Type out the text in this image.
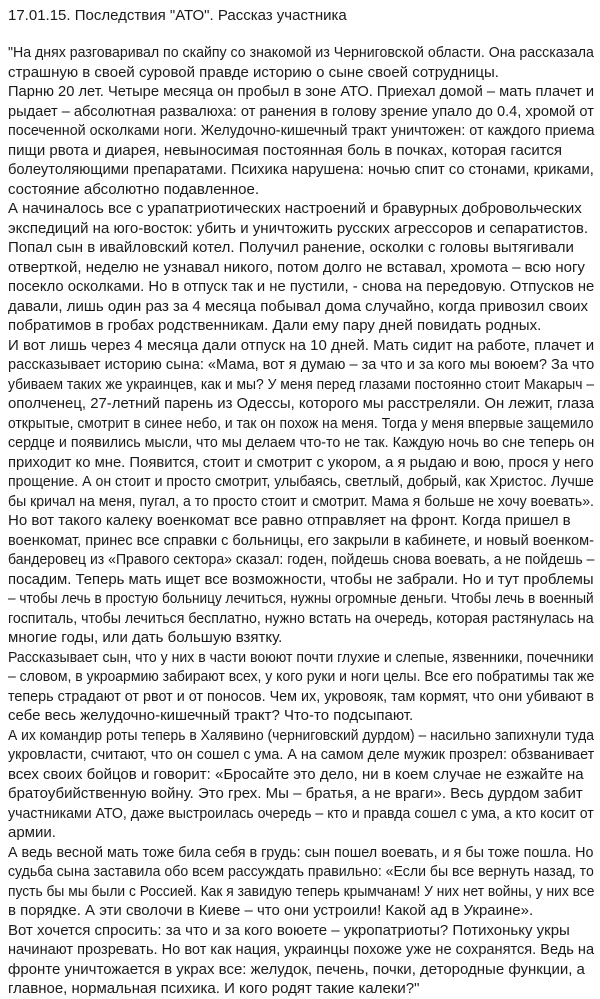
17.01.15. Последствия "АТО". Рассказ участника
"На днях разговаривал по скайпу со знакомой из Черниговской области. Она рассказала
страшную в своей суровой правде историю о сыне своей сотрудницы.
Парню 20 лет. Четыре месяца он пробыл в зоне АТО. Приехал домой – мать плачет и
рыдает – абсолютная развалюха: от ранения в голову зрение упало до 0.4, хромой от
посеченной осколками ноги. Желудочно-кишечный тракт уничтожен: от каждого приема
пищи рвота и диарея, невыносимая постоянная боль в почках, которая гасится
болеутоляющими препаратами. Психика нарушена: ночью спит со стонами, криками,
состояние абсолютно подавленное.
А начиналось все с урапатриотических настроений и бравурных добровольческих
экспедиций на юго-восток: убить и уничтожить русских агрессоров и сепаратистов.
Попал сын в ивайловский котел. Получил ранение, осколки с головы вытягивали
отверткой, неделю не узнавал никого, потом долго не вставал, хромота – всю ногу
посекло осколками. Но в отпуск так и не пустили, - снова на передовую. Отпусков не
давали, лишь один раз за 4 месяца побывал дома случайно, когда привозил своих
побратимов в гробах родственникам. Дали ему пару дней повидать родных.
И вот лишь через 4 месяца дали отпуск на 10 дней. Мать сидит на работе, плачет и
рассказывает историю сына: «Мама, вот я думаю – за что и за кого мы воюем? За что
убиваем таких же украинцев, как и мы? У меня перед глазами постоянно стоит Макарыч –
ополченец, 27-летний парень из Одессы, которого мы расстреляли. Он лежит, глаза
открытые, смотрит в синее небо, и так он похож на меня. Тогда у меня впервые защемило
сердце и появились мысли, что мы делаем что-то не так. Каждую ночь во сне теперь он
приходит ко мне. Появится, стоит и смотрит с укором, а я рыдаю и вою, прося у него
прощение. А он стоит и просто смотрит, улыбаясь, светлый, добрый, как Христос. Лучше
бы кричал на меня, пугал, а то просто стоит и смотрит. Мама я больше не хочу воевать».
Но вот такого калеку военкомат все равно отправляет на фронт. Когда пришел в
военкомат, принес все справки с больницы, его закрыли в кабинете, и новый военком-
бандеровец из «Правого сектора» сказал: годен, пойдешь снова воевать, а не пойдешь –
посадим. Теперь мать ищет все возможности, чтобы не забрали. Но и тут проблемы
– чтобы лечь в простую больницу лечиться, нужны огромные деньги. Чтобы лечь в военный
госпиталь, чтобы лечиться бесплатно, нужно встать на очередь, которая растянулась на
многие годы, или дать большую взятку.
Рассказывает сын, что у них в части воюют почти глухие и слепые, язвенники, почечники
– словом, в укроармию забирают всех, у кого руки и ноги целы. Все его побратимы так же
теперь страдают от рвот и от поносов. Чем их, укровояк, там кормят, что они убивают в
себе весь желудочно-кишечный тракт? Что-то подсыпают.
А их командир роты теперь в Халявино (черниговский дурдом) – насильно запихнули туда
укровласти, считают, что он сошел с ума. А на самом деле мужик прозрел: обзванивает
всех своих бойцов и говорит: «Бросайте это дело, ни в коем случае не езжайте на
братоубийственную войну. Это грех. Мы – братья, а не враги». Весь дурдом забит
участниками АТО, даже выстроилась очередь – кто и правда сошел с ума, а кто косит от
армии.
А ведь весной мать тоже била себя в грудь: сын пошел воевать, и я бы тоже пошла. Но
судьба сына заставила обо всем рассуждать правильно: «Если бы все вернуть назад, то
пусть бы мы были с Россией. Как я завидую теперь крымчанам! У них нет войны, у них все
в порядке. А эти сволочи в Киеве – что они устроили! Какой ад в Украине».
Вот хочется спросить: за что и за кого воюете – укропатриоты? Потихоньку укры
начинают прозревать. Но вот как нация, украинцы похоже уже не сохранятся. Ведь на
фронте уничтожается в украх все: желудок, печень, почки, детородные функции, а
главное, нормальная психика. И кого родят такие калеки?"
